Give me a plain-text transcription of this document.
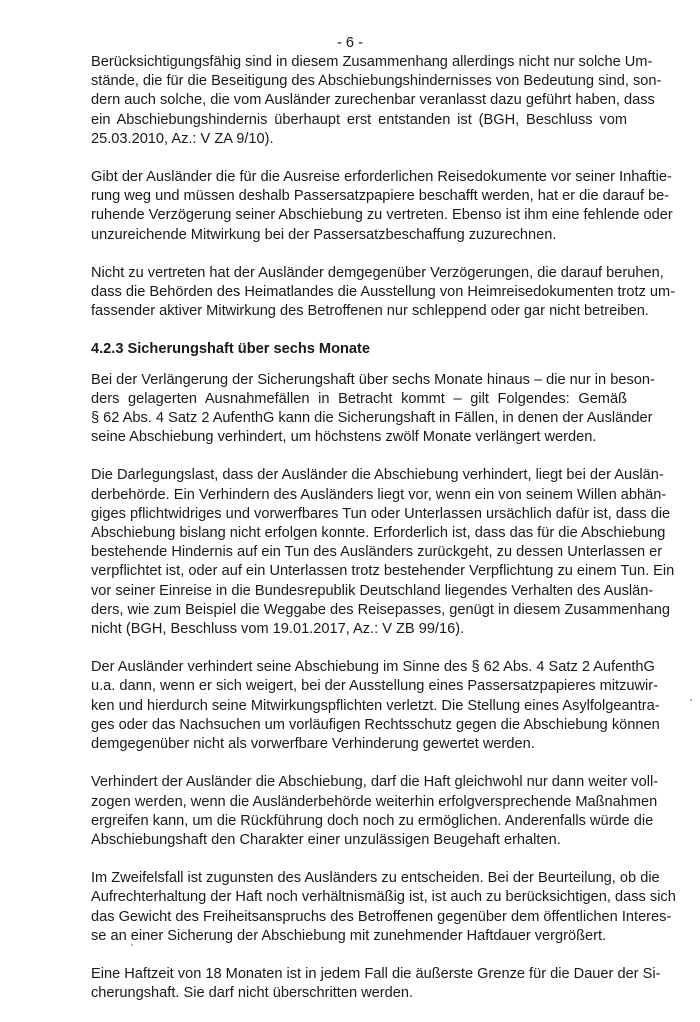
- 6 -
Berücksichtigungsfähig sind in diesem Zusammenhang allerdings nicht nur solche Um-
stände, die für die Beseitigung des Abschiebungshindernisses von Bedeutung sind, son-
dern auch solche, die vom Ausländer zurechenbar veranlasst dazu geführt haben, dass
ein Abschiebungshindernis überhaupt erst entstanden ist (BGH, Beschluss vom
25.03.2010, Az.: V ZA 9/10).
Gibt der Ausländer die für die Ausreise erforderlichen Reisedokumente vor seiner Inhaftie-
rung weg und müssen deshalb Passersatzpapiere beschafft werden, hat er die darauf be-
ruhende Verzögerung seiner Abschiebung zu vertreten. Ebenso ist ihm eine fehlende oder
unzureichende Mitwirkung bei der Passersatzbeschaffung zuzurechnen.
Nicht zu vertreten hat der Ausländer demgegenüber Verzögerungen, die darauf beruhen,
dass die Behörden des Heimatlandes die Ausstellung von Heimreisedokumenten trotz um-
fassender aktiver Mitwirkung des Betroffenen nur schleppend oder gar nicht betreiben.
4.2.3 Sicherungshaft über sechs Monate
Bei der Verlängerung der Sicherungshaft über sechs Monate hinaus – die nur in beson-
ders gelagerten Ausnahmefällen in Betracht kommt – gilt Folgendes: Gemäß
§ 62 Abs. 4 Satz 2 AufenthG kann die Sicherungshaft in Fällen, in denen der Ausländer
seine Abschiebung verhindert, um höchstens zwölf Monate verlängert werden.
Die Darlegungslast, dass der Ausländer die Abschiebung verhindert, liegt bei der Auslän-
derbehörde. Ein Verhindern des Ausländers liegt vor, wenn ein von seinem Willen abhän-
giges pflichtwidriges und vorwerfbares Tun oder Unterlassen ursächlich dafür ist, dass die
Abschiebung bislang nicht erfolgen konnte. Erforderlich ist, dass das für die Abschiebung
bestehende Hindernis auf ein Tun des Ausländers zurückgeht, zu dessen Unterlassen er
verpflichtet ist, oder auf ein Unterlassen trotz bestehender Verpflichtung zu einem Tun. Ein
vor seiner Einreise in die Bundesrepublik Deutschland liegendes Verhalten des Auslän-
ders, wie zum Beispiel die Weggabe des Reisepasses, genügt in diesem Zusammenhang
nicht (BGH, Beschluss vom 19.01.2017, Az.: V ZB 99/16).
Der Ausländer verhindert seine Abschiebung im Sinne des § 62 Abs. 4 Satz 2 AufenthG
u.a. dann, wenn er sich weigert, bei der Ausstellung eines Passersatzpapieres mitzuwir-
ken und hierdurch seine Mitwirkungspflichten verletzt. Die Stellung eines Asylfolgeantra-
ges oder das Nachsuchen um vorläufigen Rechtsschutz gegen die Abschiebung können
demgegenüber nicht als vorwerfbare Verhinderung gewertet werden.
Verhindert der Ausländer die Abschiebung, darf die Haft gleichwohl nur dann weiter voll-
zogen werden, wenn die Ausländerbehörde weiterhin erfolgversprechende Maßnahmen
ergreifen kann, um die Rückführung doch noch zu ermöglichen. Anderenfalls würde die
Abschiebungshaft den Charakter einer unzulässigen Beugehaft erhalten.
Im Zweifelsfall ist zugunsten des Ausländers zu entscheiden. Bei der Beurteilung, ob die
Aufrechterhaltung der Haft noch verhältnismäßig ist, ist auch zu berücksichtigen, dass sich
das Gewicht des Freiheitsanspruchs des Betroffenen gegenüber dem öffentlichen Interes-
se an einer Sicherung der Abschiebung mit zunehmender Haftdauer vergrößert.
Eine Haftzeit von 18 Monaten ist in jedem Fall die äußerste Grenze für die Dauer der Si-
cherungshaft. Sie darf nicht überschritten werden.
